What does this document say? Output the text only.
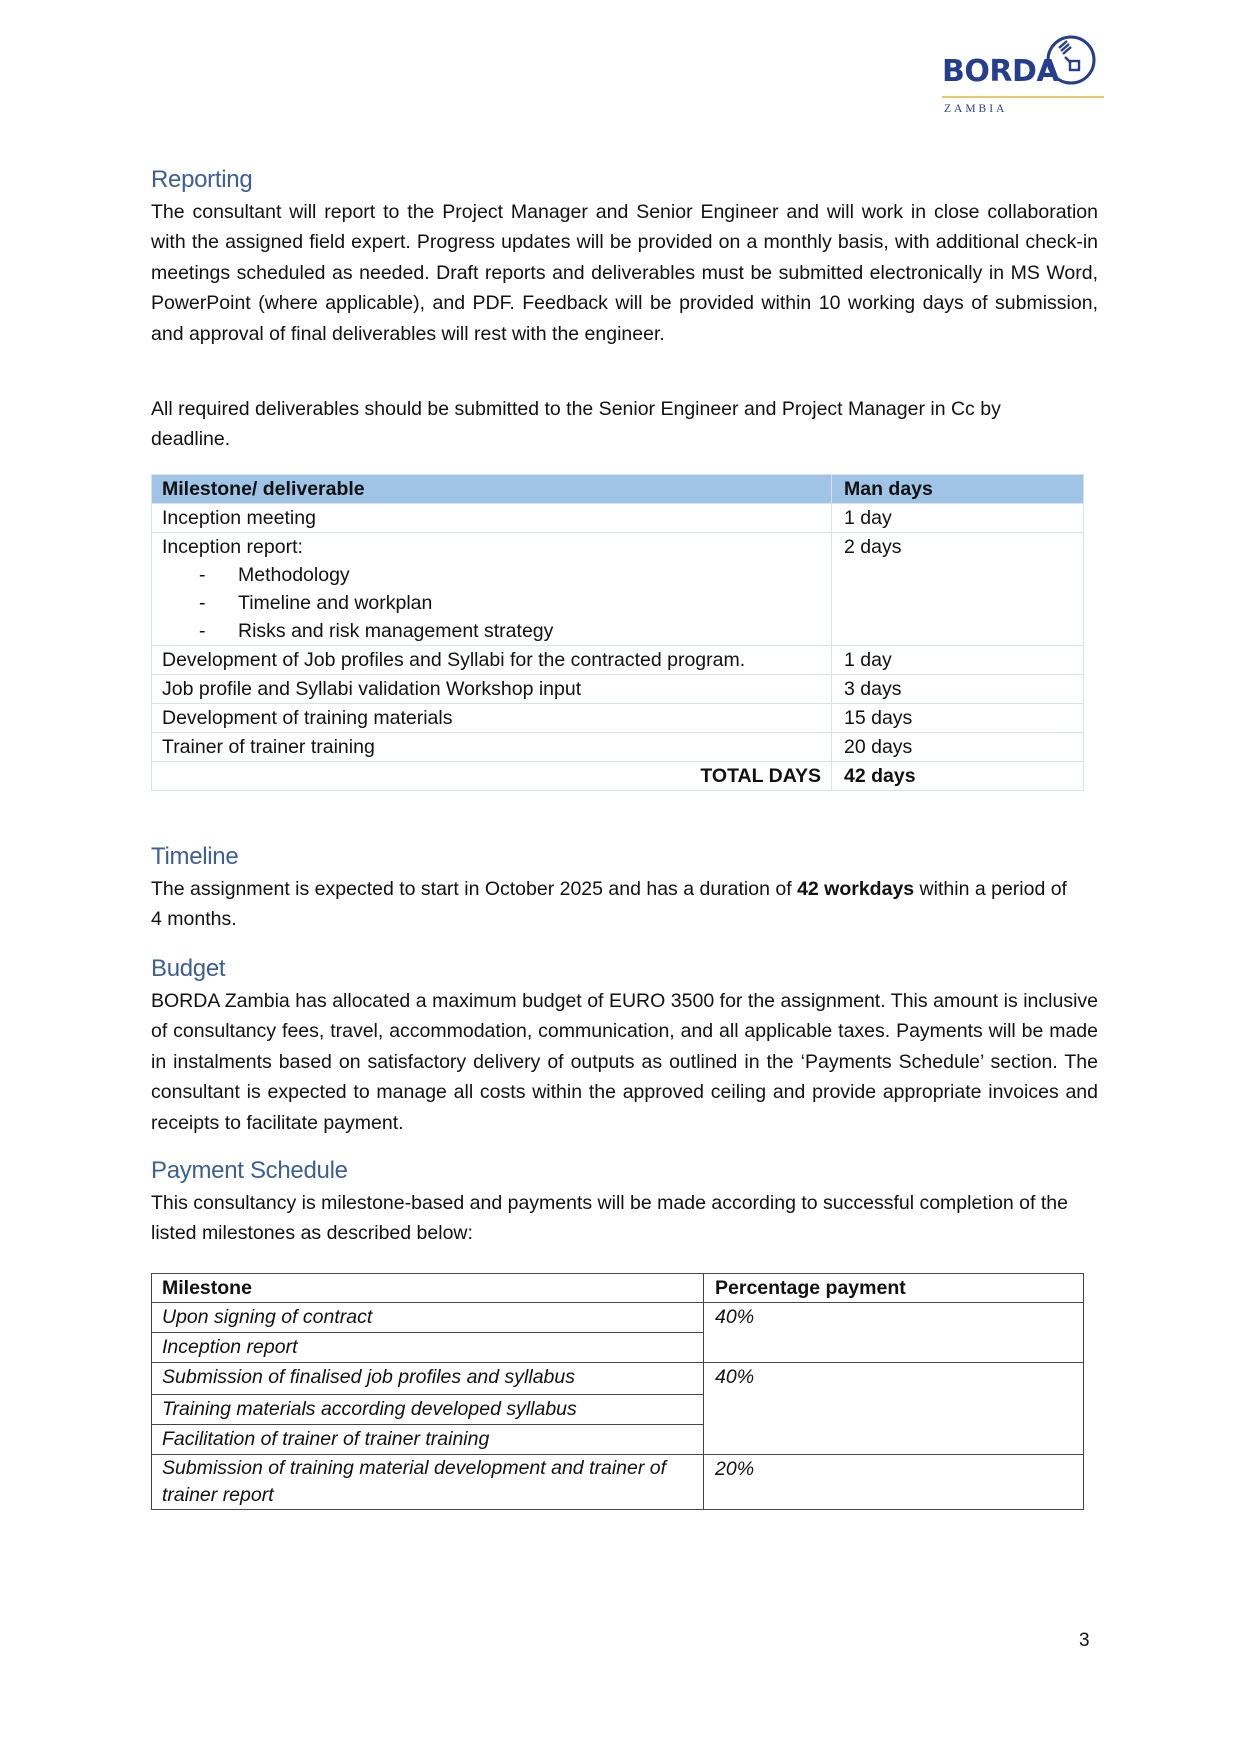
BORDA
ZAMBIA
Reporting

The consultant will report to the Project Manager and Senior Engineer and will work in close collaboration with the assigned field expert. Progress updates will be provided on a monthly basis, with additional check-in meetings scheduled as needed. Draft reports and deliverables must be submitted electronically in MS Word, PowerPoint (where applicable), and PDF. Feedback will be provided within 10 working days of submission, and approval of final deliverables will rest with the engineer.

All required deliverables should be submitted to the Senior Engineer and Project Manager in Cc by deadline.

Milestone/ deliverable	Man days
Inception meeting	1 day
Inception report:
- Methodology
- Timeline and workplan
- Risks and risk management strategy	2 days
Development of Job profiles and Syllabi for the contracted program.	1 day
Job profile and Syllabi validation Workshop input	3 days
Development of training materials	15 days
Trainer of trainer training	20 days
TOTAL DAYS	42 days
Timeline

The assignment is expected to start in October 2025 and has a duration of 42 workdays within a period of 4 months.

Budget

BORDA Zambia has allocated a maximum budget of EURO 3500 for the assignment. This amount is inclusive of consultancy fees, travel, accommodation, communication, and all applicable taxes. Payments will be made in instalments based on satisfactory delivery of outputs as outlined in the ‘Payments Schedule’ section. The consultant is expected to manage all costs within the approved ceiling and provide appropriate invoices and receipts to facilitate payment.

Payment Schedule

This consultancy is milestone-based and payments will be made according to successful completion of the listed milestones as described below:

Milestone	Percentage payment
Upon signing of contract	40%
Inception report	
Submission of finalised job profiles and syllabus	40%
Training materials according developed syllabus	
Facilitation of trainer of trainer training	
Submission of training material development and trainer of trainer report	20%
3
